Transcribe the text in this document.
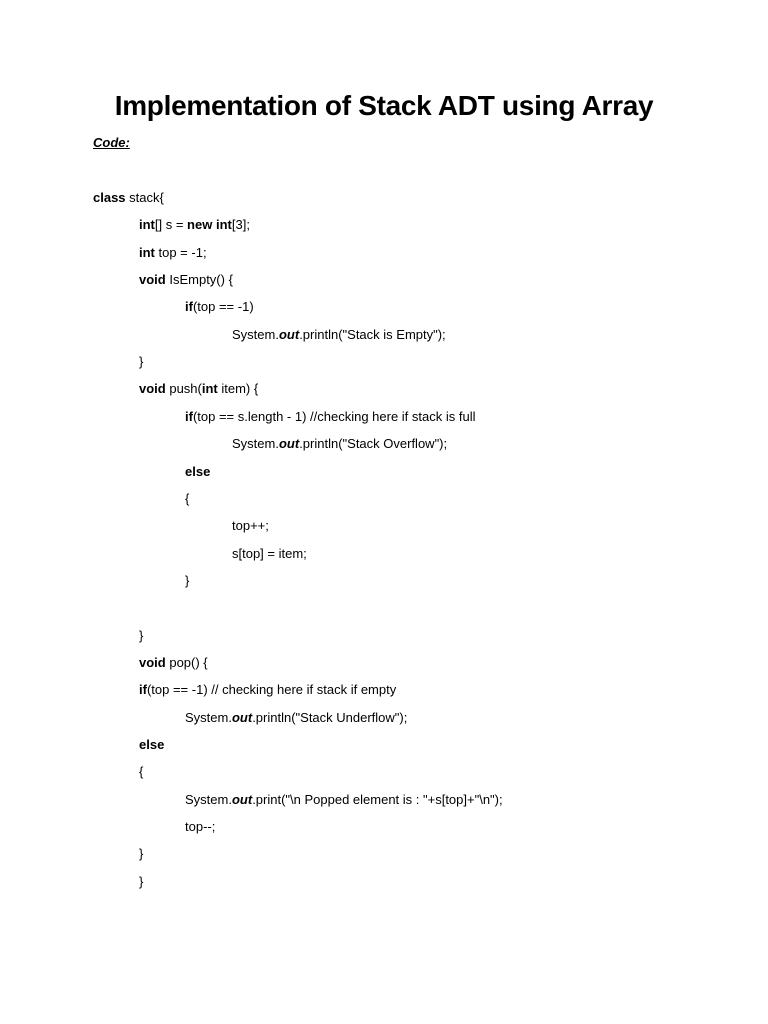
Implementation of Stack ADT using Array
Code:
class stack{
int[] s = new int[3];
int top = -1;
void IsEmpty() {
if(top == -1)
System.out.println("Stack is Empty");
}
void push(int item) {
if(top == s.length - 1) //checking here if stack is full
System.out.println("Stack Overflow");
else
{
top++;
s[top] = item;
}
}
void pop() {
if(top == -1) // checking here if stack if empty
System.out.println("Stack Underflow");
else
{
System.out.print("\n Popped element is : "+s[top]+"\n");
top--;
}
}
